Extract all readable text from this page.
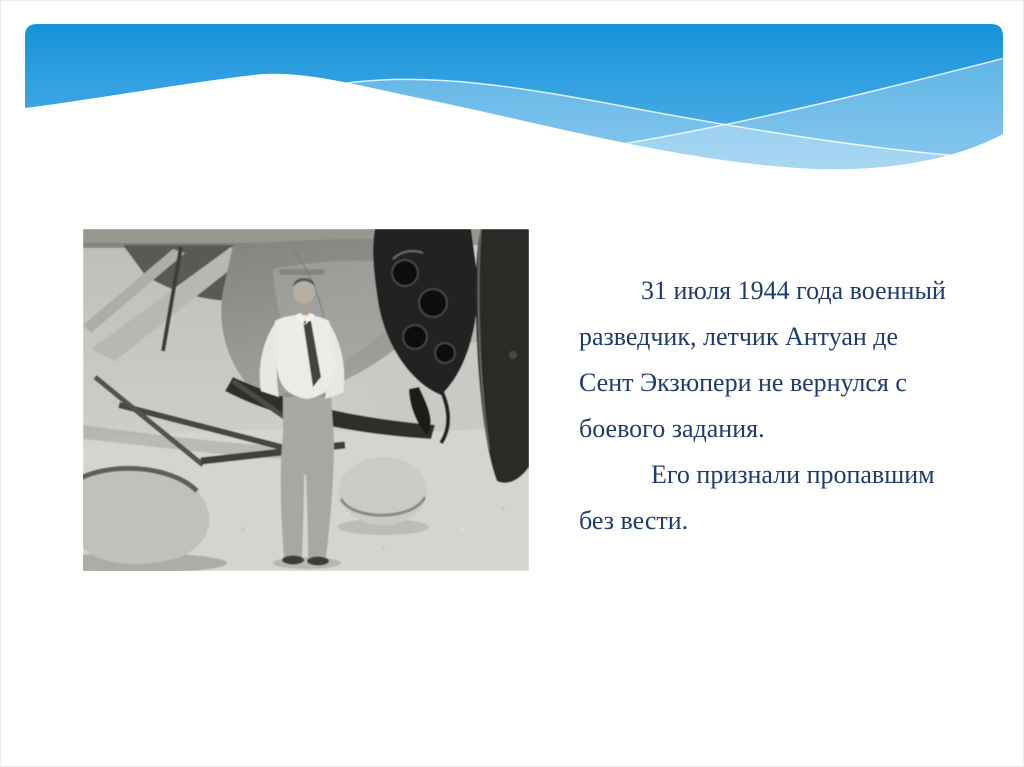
31 июля 1944 года военный
разведчик, летчик Антуан де
Сент Экзюпери не вернулся с
боевого задания.
Его признали пропавшим
без вести.
